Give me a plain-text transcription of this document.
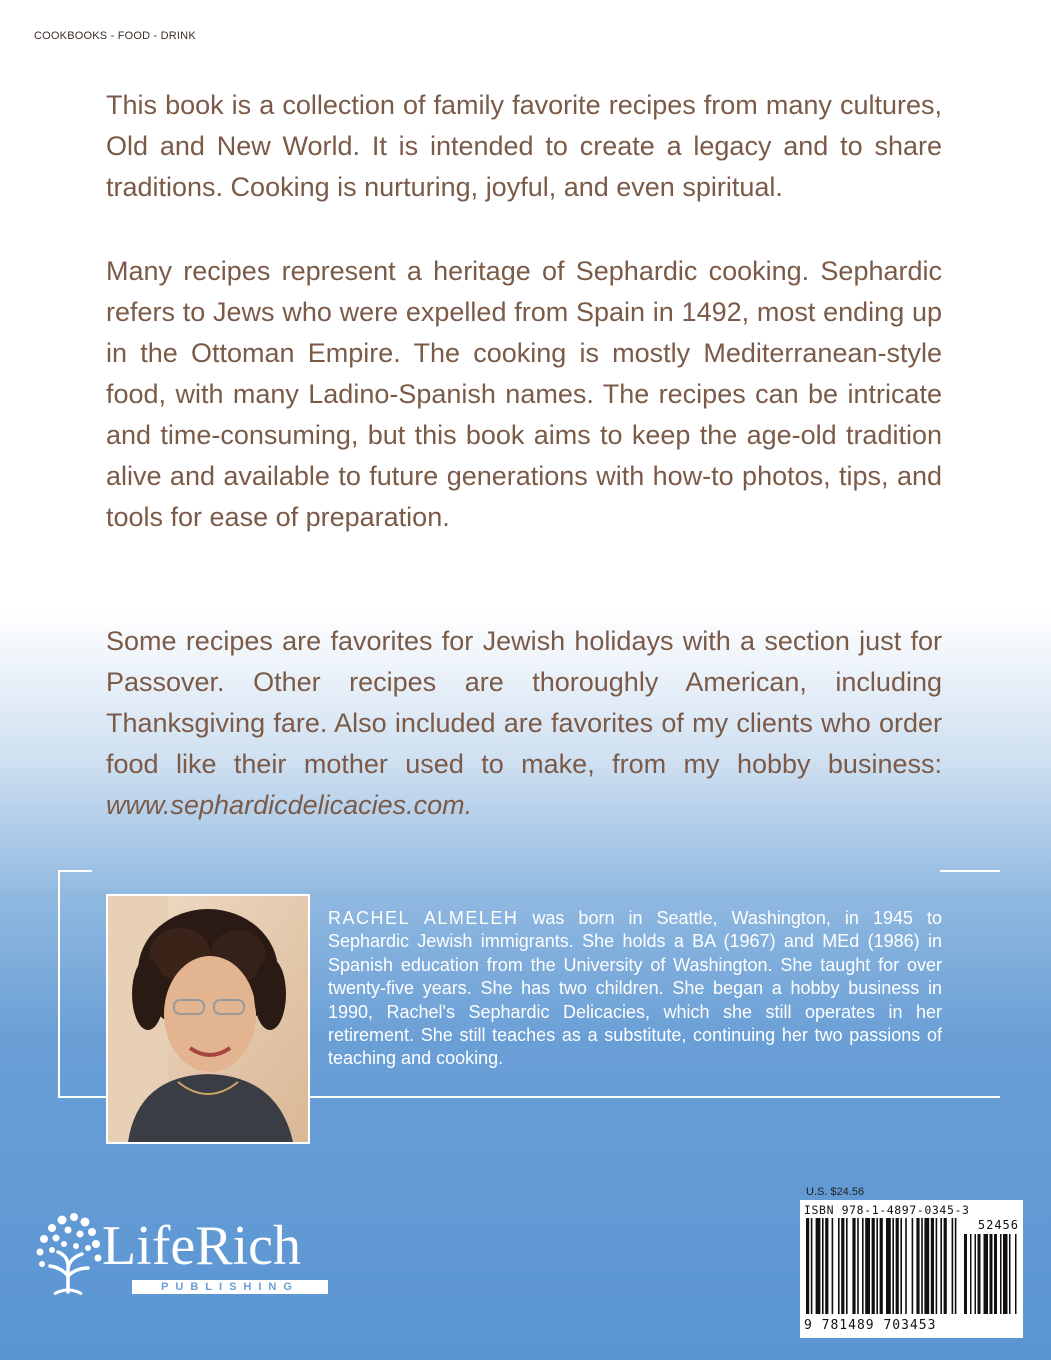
COOKBOOKS - FOOD - DRINK

This book is a collection of family favorite recipes from many cultures, Old and New World. It is intended to create a legacy and to share traditions. Cooking is nurturing, joyful, and even spiritual.

Many recipes represent a heritage of Sephardic cooking. Sephardic refers to Jews who were expelled from Spain in 1492, most ending up in the Ottoman Empire. The cooking is mostly Mediterranean-style food, with many Ladino-Spanish names. The recipes can be intricate and time-consuming, but this book aims to keep the age-old tradition alive and available to future generations with how-to photos, tips, and tools for ease of preparation.

Some recipes are favorites for Jewish holidays with a section just for Passover. Other recipes are thoroughly American, including Thanksgiving fare. Also included are favorites of my clients who order food like their mother used to make, from my hobby business: www.sephardicdelicacies.com.

RACHEL ALMELEH was born in Seattle, Washington, in 1945 to Sephardic Jewish immigrants. She holds a BA (1967) and MEd (1986) in Spanish education from the University of Washington. She taught for over twenty-five years. She has two children. She began a hobby business in 1990, Rachel's Sephardic Delicacies, which she still operates in her retirement. She still teaches as a substitute, continuing her two passions of teaching and cooking.

LifeRich
PUBLISHING
U.S. $24.56
ISBN 978-1-4897-0345-3
52456
9 781489 703453
